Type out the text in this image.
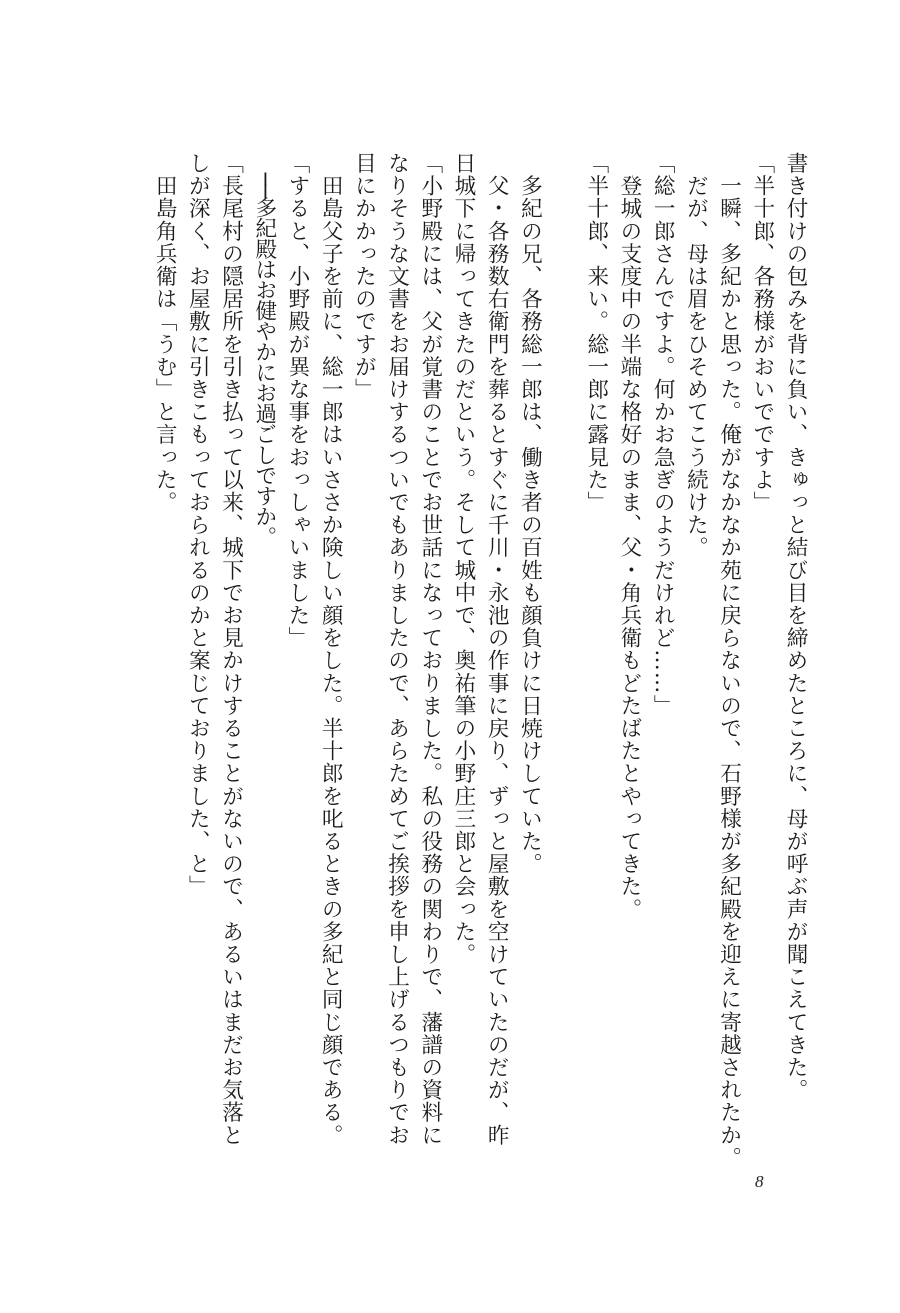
書き付けの包みを背に負い、きゅっと結び目を締めたところに、母が呼ぶ声が聞こえてきた。
「半十郎、各務様がおいでですよ」
　一瞬、多紀かと思った。俺がなかなか苑に戻らないので、石野様が多紀殿を迎えに寄越されたか。
　だが、母は眉をひそめてこう続けた。
「総一郎さんですよ。何かお急ぎのようだけれど……」
　登城の支度中の半端な格好のまま、父・角兵衛もどたばたとやってきた。
「半十郎、来い。総一郎に露見た」
　多紀の兄、各務総一郎は、働き者の百姓も顔負けに日焼けしていた。
　父・各務数右衛門を葬るとすぐに千川・永池の作事に戻り、ずっと屋敷を空けていたのだが、昨
日城下に帰ってきたのだという。そして城中で、奥祐筆の小野庄三郎と会った。
「小野殿には、父が覚書のことでお世話になっておりました。私の役務の関わりで、藩譜の資料に
なりそうな文書をお届けするついでもありましたので、あらためてご挨拶を申し上げるつもりでお
目にかかったのですが」
　田島父子を前に、総一郎はいささか険しい顔をした。半十郎を叱るときの多紀と同じ顔である。
「すると、小野殿が異な事をおっしゃいました」
　──多紀殿はお健やかにお過ごしですか。
「長尾村の隠居所を引き払って以来、城下でお見かけすることがないので、あるいはまだお気落と
しが深く、お屋敷に引きこもっておられるのかと案じておりました、と」
　田島角兵衛は「うむ」と言った。
8
